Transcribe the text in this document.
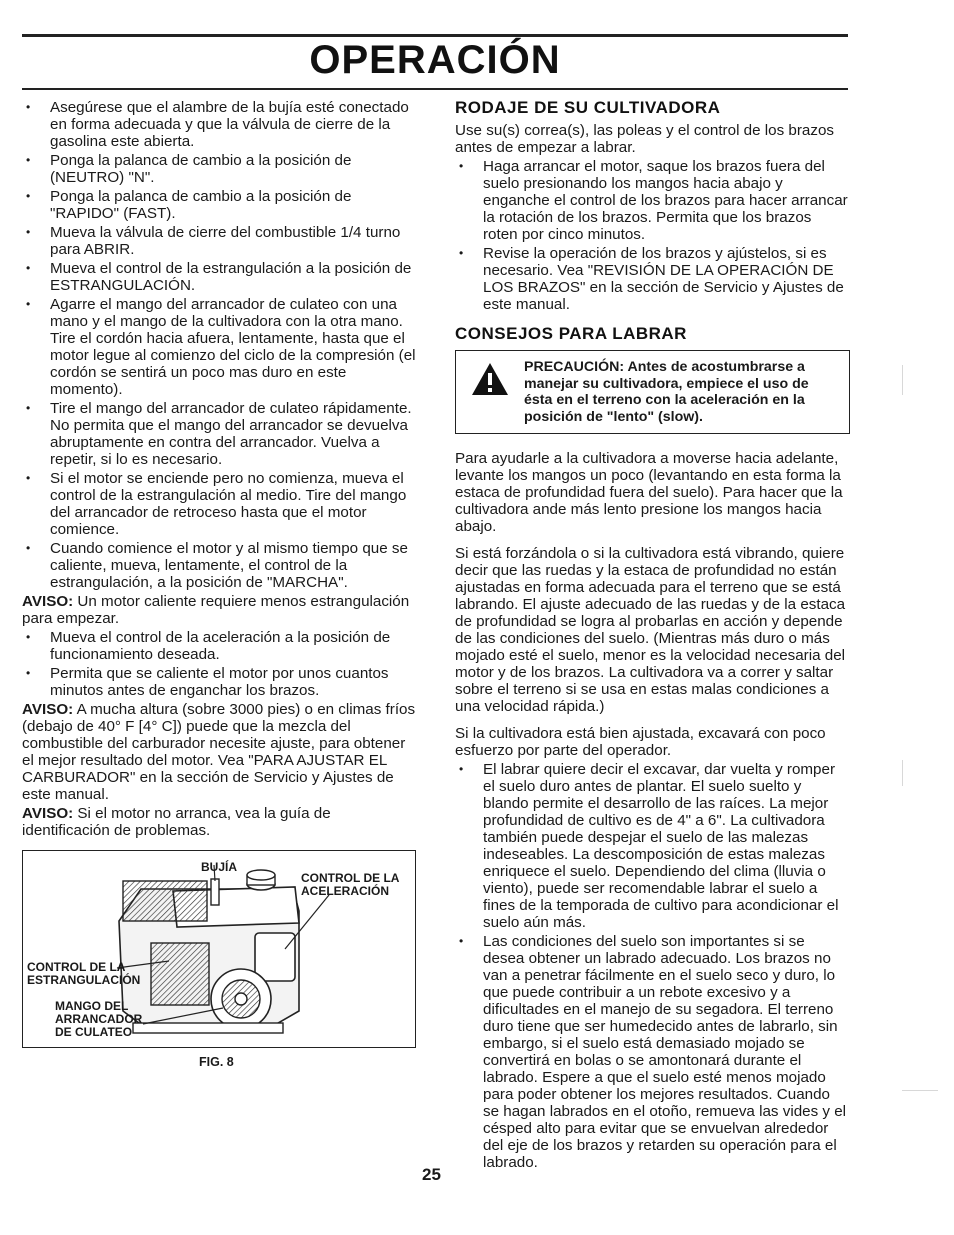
OPERACIÓN
• Asegúrese que el alambre de la bujía esté conectado en forma adecuada y que la válvula de cierre de la gasolina este abierta.
• Ponga la palanca de cambio a la posición de (NEUTRO) "N".
• Ponga la palanca de cambio a la posición de "RAPIDO" (FAST).
• Mueva la válvula de cierre del combustible 1/4 turno para ABRIR.
• Mueva el control de la estrangulación a la posición de ESTRANGULACIÓN.
• Agarre el mango del arrancador de culateo con una mano y el mango de la cultivadora con la otra mano. Tire el cordón hacia afuera, lentamente, hasta que el motor legue al comienzo del ciclo de la compresión (el cordón se sentirá un poco mas duro en este momento).
• Tire el mango del arrancador de culateo rápidamente. No permita que el mango del arrancador se devuelva abruptamente en contra del arrancador. Vuelva a repetir, si lo es necesario.
• Si el motor se enciende pero no comienza, mueva el control de la estrangulación al medio. Tire del mango del arrancador de retroceso hasta que el motor comience.
• Cuando comience el motor y al mismo tiempo que se caliente, mueva, lentamente, el control de la estrangulación, a la posición de "MARCHA".

AVISO: Un motor caliente requiere menos estrangulación para empezar.

• Mueva el control de la aceleración a la posición de funcionamiento deseada.
• Permita que se caliente el motor por unos cuantos minutos antes de enganchar los brazos.

AVISO: A mucha altura (sobre 3000 pies) o en climas fríos (debajo de 40° F [4° C]) puede que la mezcla del combustible del carburador necesite ajuste, para obtener el mejor resultado del motor. Vea "PARA AJUSTAR EL CARBURADOR" en la sección de Servicio y Ajustes de este manual.

AVISO: Si el motor no arranca, vea la guía de identificación de problemas.

BUJÍA
CONTROL DE LA ACELERACIÓN
CONTROL DE LA ESTRANGULACIÓN
MANGO DEL ARRANCADOR DE CULATEO
FIG. 8
RODAJE DE SU CULTIVADORA

Use su(s) correa(s), las poleas y el control de los brazos antes de empezar a labrar.

• Haga arrancar el motor, saque los brazos fuera del suelo presionando los mangos hacia abajo y enganche el control de los brazos para hacer arrancar la rotación de los brazos. Permita que los brazos roten por cinco minutos.
• Revise la operación de los brazos y ajústelos, si es necesario. Vea "REVISIÓN DE LA OPERACIÓN DE LOS BRAZOS" en la sección de Servicio y Ajustes de este manual.
CONSEJOS PARA LABRAR
PRECAUCIÓN: Antes de acostumbrarse a manejar su cultivadora, empiece el uso de ésta en el terreno con la aceleración en la posición de "lento" (slow).

Para ayudarle a la cultivadora a moverse hacia adelante, levante los mangos un poco (levantando en esta forma la estaca de profundidad fuera del suelo). Para hacer que la cultivadora ande más lento presione los mangos hacia abajo.

Si está forzándola o si la cultivadora está vibrando, quiere decir que las ruedas y la estaca de profundidad no están ajustadas en forma adecuada para el terreno que se está labrando. El ajuste adecuado de las ruedas y de la estaca de profundidad se logra al probarlas en acción y depende de las condiciones del suelo. (Mientras más duro o más mojado esté el suelo, menor es la velocidad necesaria del motor y de los brazos. La cultivadora va a correr y saltar sobre el terreno si se usa en estas malas condiciones a una velocidad rápida.)

Si la cultivadora está bien ajustada, excavará con poco esfuerzo por parte del operador.

• El labrar quiere decir el excavar, dar vuelta y romper el suelo duro antes de plantar. El suelo suelto y blando permite el desarrollo de las raíces. La mejor profundidad de cultivo es de 4" a 6". La cultivadora también puede despejar el suelo de las malezas indeseables. La descomposición de estas malezas enriquece el suelo. Dependiendo del clima (lluvia o viento), puede ser recomendable labrar el suelo a fines de la temporada de cultivo para acondicionar el suelo aún más.
• Las condiciones del suelo son importantes si se desea obtener un labrado adecuado. Los brazos no van a penetrar fácilmente en el suelo seco y duro, lo que puede contribuir a un rebote excesivo y a dificultades en el manejo de su segadora. El terreno duro tiene que ser humedecido antes de labrarlo, sin embargo, si el suelo está demasiado mojado se convertirá en bolas o se amontonará durante el labrado. Espere a que el suelo esté menos mojado para poder obtener los mejores resultados. Cuando se hagan labrados en el otoño, remueva las vides y el césped alto para evitar que se envuelvan alrededor del eje de los brazos y retarden su operación para el labrado.
25
